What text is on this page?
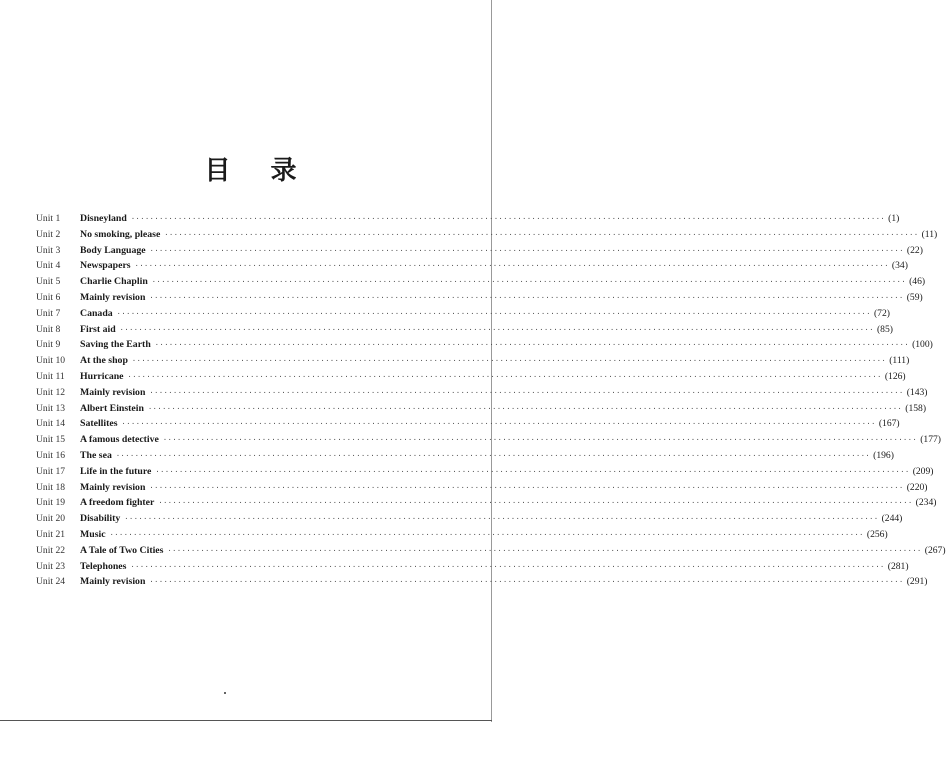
目 录
Unit 1	Disneyland ································································································································································ (1)
Unit 2	No smoking, please ································································································································································ (11)
Unit 3	Body Language ································································································································································ (22)
Unit 4	Newspapers ································································································································································ (34)
Unit 5	Charlie Chaplin ································································································································································ (46)
Unit 6	Mainly revision ································································································································································ (59)
Unit 7	Canada ································································································································································ (72)
Unit 8	First aid ································································································································································ (85)
Unit 9	Saving the Earth ································································································································································ (100)
Unit 10	At the shop ································································································································································ (111)
Unit 11	Hurricane ································································································································································ (126)
Unit 12	Mainly revision ································································································································································ (143)
Unit 13	Albert Einstein ································································································································································ (158)
Unit 14	Satellites ································································································································································ (167)
Unit 15	A famous detective ································································································································································ (177)
Unit 16	The sea ································································································································································ (196)
Unit 17	Life in the future ································································································································································ (209)
Unit 18	Mainly revision ································································································································································ (220)
Unit 19	A freedom fighter ································································································································································ (234)
Unit 20	Disability ································································································································································ (244)
Unit 21	Music ································································································································································ (256)
Unit 22	A Tale of Two Cities ································································································································································ (267)
Unit 23	Telephones ································································································································································ (281)
Unit 24	Mainly revision ································································································································································ (291)
